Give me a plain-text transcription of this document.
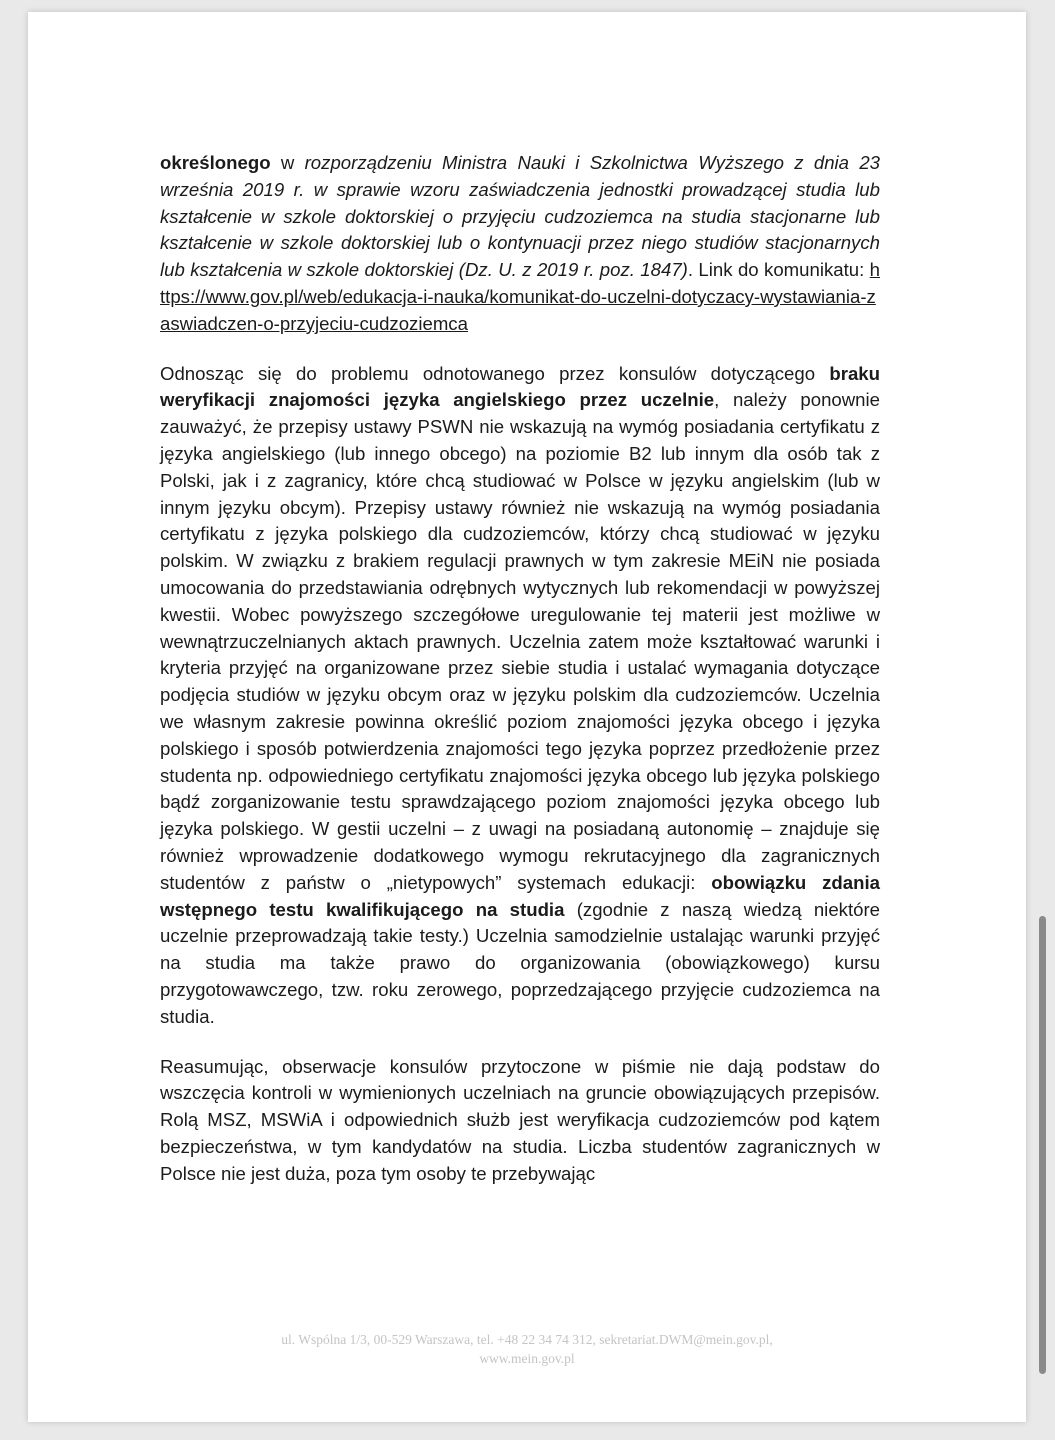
określonego w rozporządzeniu Ministra Nauki i Szkolnictwa Wyższego z dnia 23 września 2019 r. w sprawie wzoru zaświadczenia jednostki prowadzącej studia lub kształcenie w szkole doktorskiej o przyjęciu cudzoziemca na studia stacjonarne lub kształcenie w szkole doktorskiej lub o kontynuacji przez niego studiów stacjonarnych lub kształcenia w szkole doktorskiej (Dz. U. z 2019 r. poz. 1847). Link do komunikatu: https://www.gov.pl/web/edukacja-i-nauka/komunikat-do-uczelni-dotyczacy-wystawiania-zaswiadczen-o-przyjeciu-cudzoziemca

Odnosząc się do problemu odnotowanego przez konsulów dotyczącego braku weryfikacji znajomości języka angielskiego przez uczelnie, należy ponownie zauważyć, że przepisy ustawy PSWN nie wskazują na wymóg posiadania certyfikatu z języka angielskiego (lub innego obcego) na poziomie B2 lub innym dla osób tak z Polski, jak i z zagranicy, które chcą studiować w Polsce w języku angielskim (lub w innym języku obcym). Przepisy ustawy również nie wskazują na wymóg posiadania certyfikatu z języka polskiego dla cudzoziemców, którzy chcą studiować w języku polskim. W związku z brakiem regulacji prawnych w tym zakresie MEiN nie posiada umocowania do przedstawiania odrębnych wytycznych lub rekomendacji w powyższej kwestii. Wobec powyższego szczegółowe uregulowanie tej materii jest możliwe w wewnątrzuczelnianych aktach prawnych. Uczelnia zatem może kształtować warunki i kryteria przyjęć na organizowane przez siebie studia i ustalać wymagania dotyczące podjęcia studiów w języku obcym oraz w języku polskim dla cudzoziemców. Uczelnia we własnym zakresie powinna określić poziom znajomości języka obcego i języka polskiego i sposób potwierdzenia znajomości tego języka poprzez przedłożenie przez studenta np. odpowiedniego certyfikatu znajomości języka obcego lub języka polskiego bądź zorganizowanie testu sprawdzającego poziom znajomości języka obcego lub języka polskiego. W gestii uczelni – z uwagi na posiadaną autonomię – znajduje się również wprowadzenie dodatkowego wymogu rekrutacyjnego dla zagranicznych studentów z państw o „nietypowych” systemach edukacji: obowiązku zdania wstępnego testu kwalifikującego na studia (zgodnie z naszą wiedzą niektóre uczelnie przeprowadzają takie testy.) Uczelnia samodzielnie ustalając warunki przyjęć na studia ma także prawo do organizowania (obowiązkowego) kursu przygotowawczego, tzw. roku zerowego, poprzedzającego przyjęcie cudzoziemca na studia.

Reasumując, obserwacje konsulów przytoczone w piśmie nie dają podstaw do wszczęcia kontroli w wymienionych uczelniach na gruncie obowiązujących przepisów. Rolą MSZ, MSWiA i odpowiednich służb jest weryfikacja cudzoziemców pod kątem bezpieczeństwa, w tym kandydatów na studia. Liczba studentów zagranicznych w Polsce nie jest duża, poza tym osoby te przebywając

ul. Wspólna 1/3, 00-529 Warszawa, tel. +48 22 34 74 312, sekretariat.DWM@mein.gov.pl,
www.mein.gov.pl
